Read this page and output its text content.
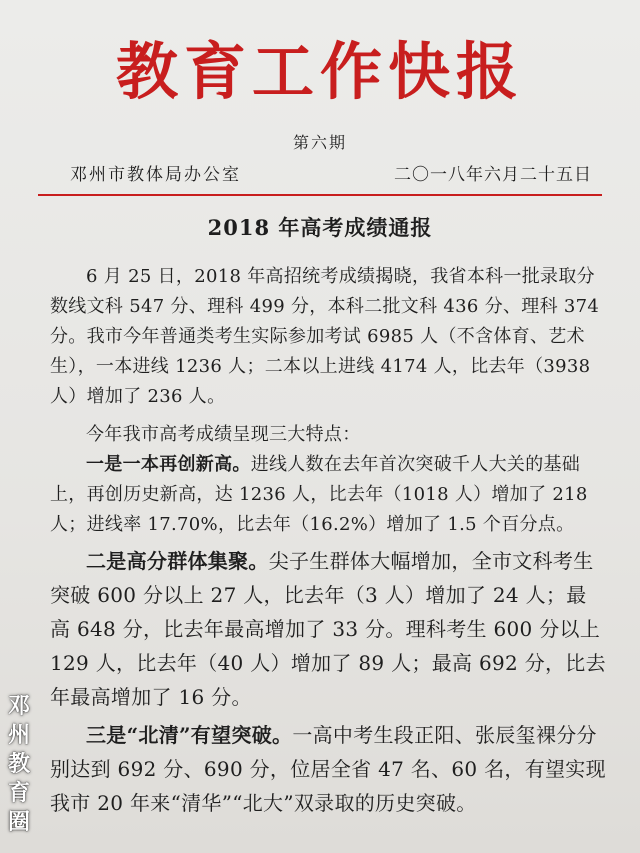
教育工作快报
第六期
邓州市教体局办公室	二〇一八年六月二十五日
2018 年高考成绩通报

6 月 25 日，2018 年高招统考成绩揭晓，我省本科一批录取分数线文科 547 分、理科 499 分，本科二批文科 436 分、理科 374 分。我市今年普通类考生实际参加考试 6985 人（不含体育、艺术生），一本进线 1236 人；二本以上进线 4174 人，比去年（3938 人）增加了 236 人。

今年我市高考成绩呈现三大特点：

一是一本再创新高。进线人数在去年首次突破千人大关的基础上，再创历史新高，达 1236 人，比去年（1018 人）增加了 218 人；进线率 17.70%，比去年（16.2%）增加了 1.5 个百分点。

二是高分群体集聚。尖子生群体大幅增加，全市文科考生突破 600 分以上 27 人，比去年（3 人）增加了 24 人；最高 648 分，比去年最高增加了 33 分。理科考生 600 分以上 129 人，比去年（40 人）增加了 89 人；最高 692 分，比去年最高增加了 16 分。

三是“北清”有望突破。一高中考生段正阳、张辰玺裸分分别达到 692 分、690 分，位居全省 47 名、60 名，有望实现我市 20 年来“清华”“北大”双录取的历史突破。

邓州教育圈
